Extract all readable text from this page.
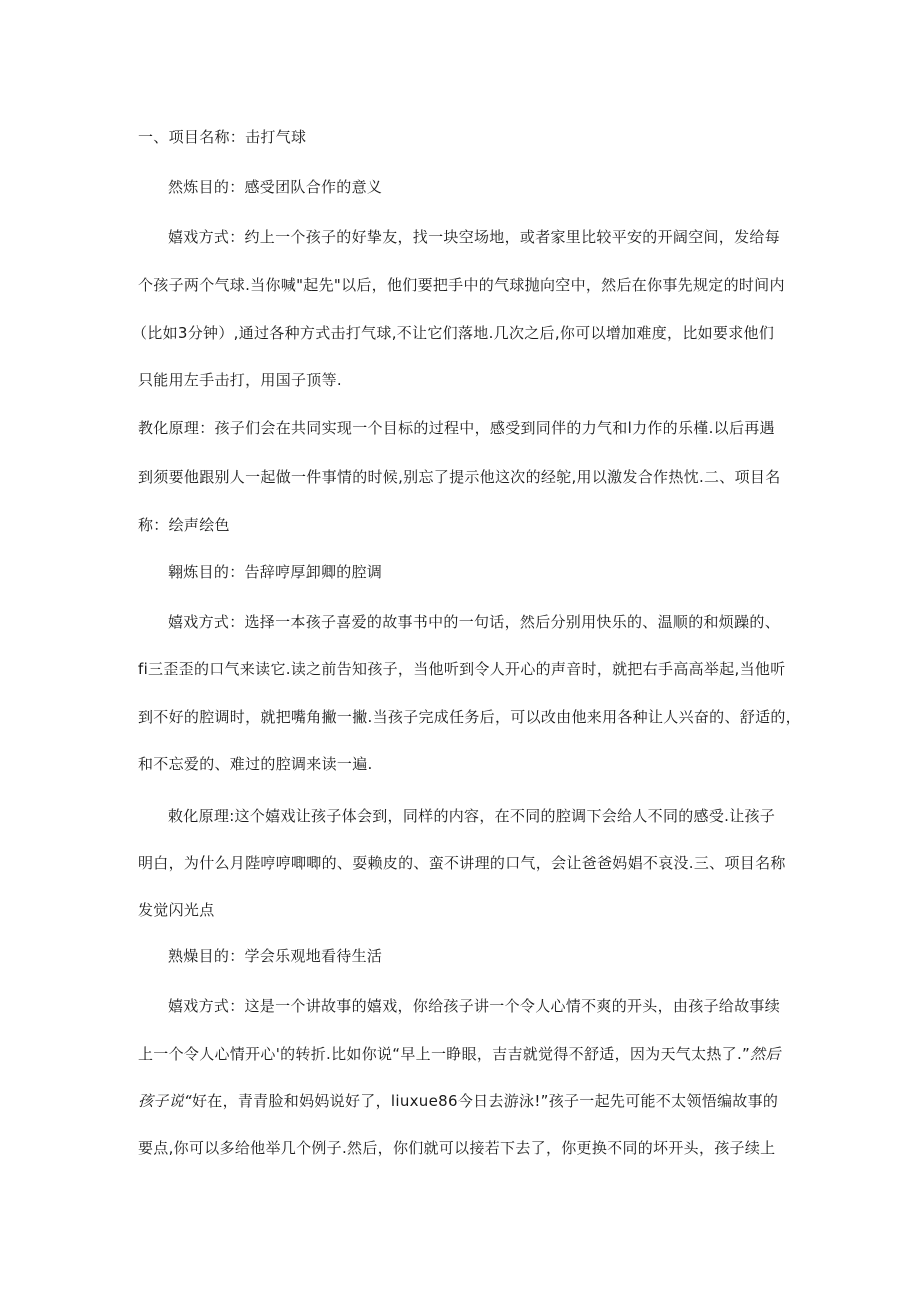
一、项目名称：击打气球
然炼目的：感受团队合作的意义
嬉戏方式：约上一个孩子的好挚友，找一块空场地，或者家里比较平安的开阔空间，发给每
个孩子两个气球.当你喊"起先"以后，他们要把手中的气球抛向空中，然后在你事先规定的时间内
（比如3分钟）,通过各种方式击打气球,不让它们落地.几次之后,你可以增加难度，比如要求他们
只能用左手击打，用国子顶等.
教化原理：孩子们会在共同实现一个目标的过程中，感受到同伴的力气和l力作的乐槿.以后再遇
到须要他跟别人一起做一件事情的时候,别忘了提示他这次的经鸵,用以激发合作热忱.二、项目名
称：绘声绘色
翱炼目的：告辞哼厚卸卿的腔调
嬉戏方式：选择一本孩子喜爱的故事书中的一句话，然后分别用快乐的、温顺的和烦躁的、
fi三歪歪的口气来读它.读之前告知孩子，当他听到令人开心的声音时，就把右手高高举起,当他听
到不好的腔调时，就把嘴角撇一撇.当孩子完成任务后，可以改由他来用各种让人兴奋的、舒适的，
和不忘爱的、难过的腔调来读一遍.
敕化原理:这个嬉戏让孩子体会到，同样的内容，在不同的腔调下会给人不同的感受.让孩子
明白，为什么月陛哼哼唧唧的、耍赖皮的、蛮不讲理的口气，会让爸爸妈娼不哀没.三、项目名称
发觉闪光点
熟燥目的：学会乐观地看待生活
嬉戏方式：这是一个讲故事的嬉戏，你给孩子讲一个令人心情不爽的开头，由孩子给故事续
上一个令人心情开心'的转折.比如你说“早上一睁眼，吉吉就觉得不舒适，因为天气太热了.”然后
孩子说“好在，青青脸和妈妈说好了，liuxue86今日去游泳!”孩子一起先可能不太领悟编故事的
要点,你可以多给他举几个例子.然后，你们就可以接若下去了，你更换不同的坏开头，孩子续上
